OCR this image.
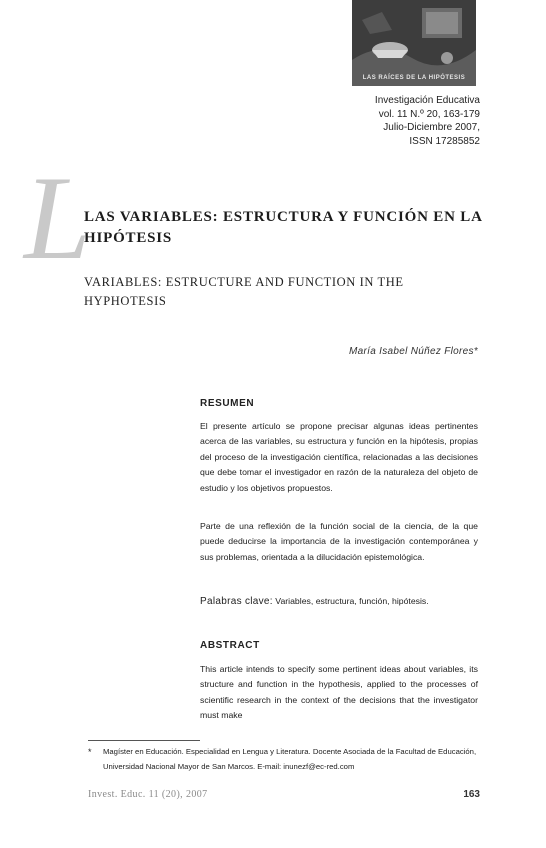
LAS RAÍCES DE LA HIPÓTESIS
Investigación Educativa
vol. 11 N.º 20, 163-179
Julio-Diciembre 2007,
ISSN 17285852
L
LAS VARIABLES: ESTRUCTURA Y FUNCIÓN EN LA HIPÓTESIS
VARIABLES: ESTRUCTURE AND FUNCTION IN THE HYPHOTESIS
María Isabel Núñez Flores*
RESUMEN
El presente artículo se propone precisar algunas ideas pertinentes acerca de las variables, su estructura y función en la hipótesis, propias del proceso de la investigación científica, relacionadas a las decisiones que debe tomar el investigador en razón de la naturaleza del objeto de estudio y los objetivos propuestos.
Parte de una reflexión de la función social de la ciencia, de la que puede deducirse la importancia de la investigación contemporánea y sus problemas, orientada a la dilucidación epistemológica.
Palabras clave: Variables, estructura, función, hipótesis.
ABSTRACT
This article intends to specify some pertinent ideas about variables, its structure and function in the hypothesis, applied to the processes of scientific research in the context of the decisions that the investigator must make
*	Magíster en Educación. Especialidad en Lengua y Literatura. Docente Asociada de la Facultad de Educación, Universidad Nacional Mayor de San Marcos. E-mail: inunezf@ec-red.com
Invest. Educ. 11 (20), 2007	163
